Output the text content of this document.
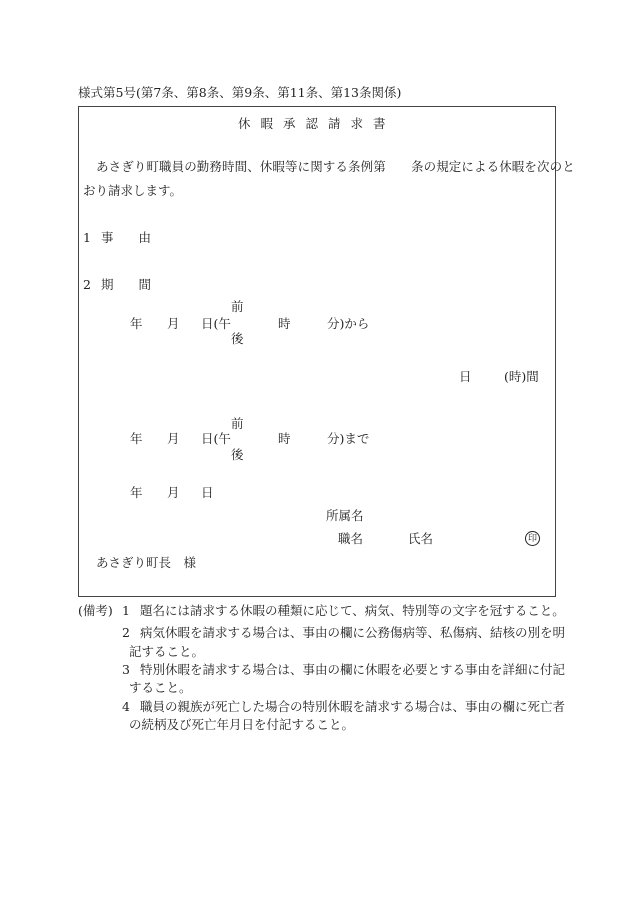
様式第5号(第7条、第8条、第9条、第11条、第13条関係)
休暇承認請求書
あさぎり町職員の勤務時間、休暇等に関する条例第　　条の規定による休暇を次のと
おり請求します。
1 事　　由
2 期　　間
前
年 月 日(午	時	分)から
後
日	(時)間
前
年 月 日(午	時	分)まで
後
年 月 日
所属名
職名	氏名	印
あさぎり町長　様
(備考) 1 題名には請求する休暇の種類に応じて、病気、特別等の文字を冠すること。
2 病気休暇を請求する場合は、事由の欄に公務傷病等、私傷病、結核の別を明
記すること。
3 特別休暇を請求する場合は、事由の欄に休暇を必要とする事由を詳細に付記
すること。
4 職員の親族が死亡した場合の特別休暇を請求する場合は、事由の欄に死亡者
の続柄及び死亡年月日を付記すること。
